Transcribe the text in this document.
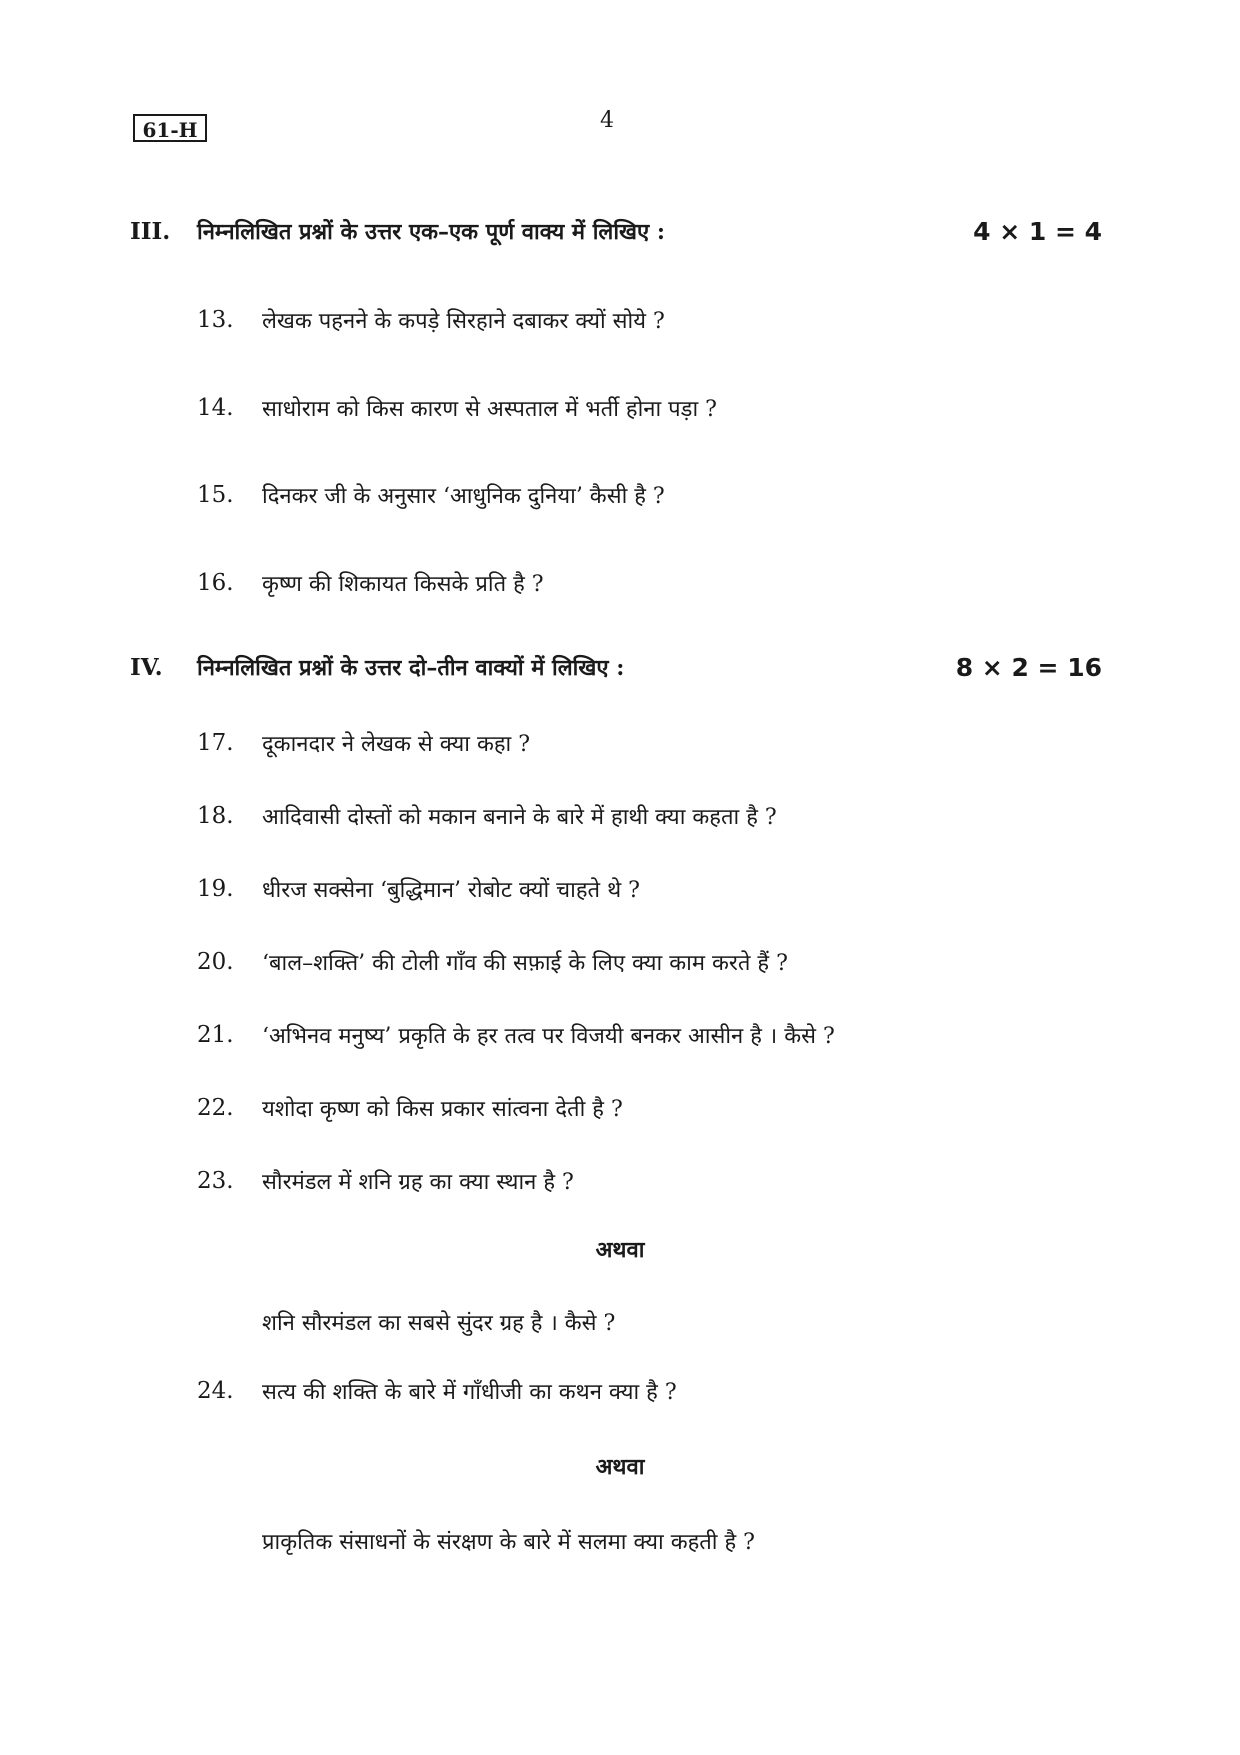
61-H	4
III. निम्नलिखित प्रश्नों के उत्तर एक–एक पूर्ण वाक्य में लिखिए :	4 × 1 = 4
13. लेखक पहनने के कपड़े सिरहाने दबाकर क्यों सोये ?
14. साधोराम को किस कारण से अस्पताल में भर्ती होना पड़ा ?
15. दिनकर जी के अनुसार ‘आधुनिक दुनिया’ कैसी है ?
16. कृष्ण की शिकायत किसके प्रति है ?
IV. निम्नलिखित प्रश्नों के उत्तर दो–तीन वाक्यों में लिखिए :	8 × 2 = 16
17. दूकानदार ने लेखक से क्या कहा ?
18. आदिवासी दोस्तों को मकान बनाने के बारे में हाथी क्या कहता है ?
19. धीरज सक्सेना ‘बुद्धिमान’ रोबोट क्यों चाहते थे ?
20. ‘बाल–शक्ति’ की टोली गाँव की सफ़ाई के लिए क्या काम करते हैं ?
21. ‘अभिनव मनुष्य’ प्रकृति के हर तत्व पर विजयी बनकर आसीन है । कैसे ?
22. यशोदा कृष्ण को किस प्रकार सांत्वना देती है ?
23. सौरमंडल में शनि ग्रह का क्या स्थान है ?
अथवा
शनि सौरमंडल का सबसे सुंदर ग्रह है । कैसे ?
24. सत्य की शक्ति के बारे में गाँधीजी का कथन क्या है ?
अथवा
प्राकृतिक संसाधनों के संरक्षण के बारे में सलमा क्या कहती है ?
